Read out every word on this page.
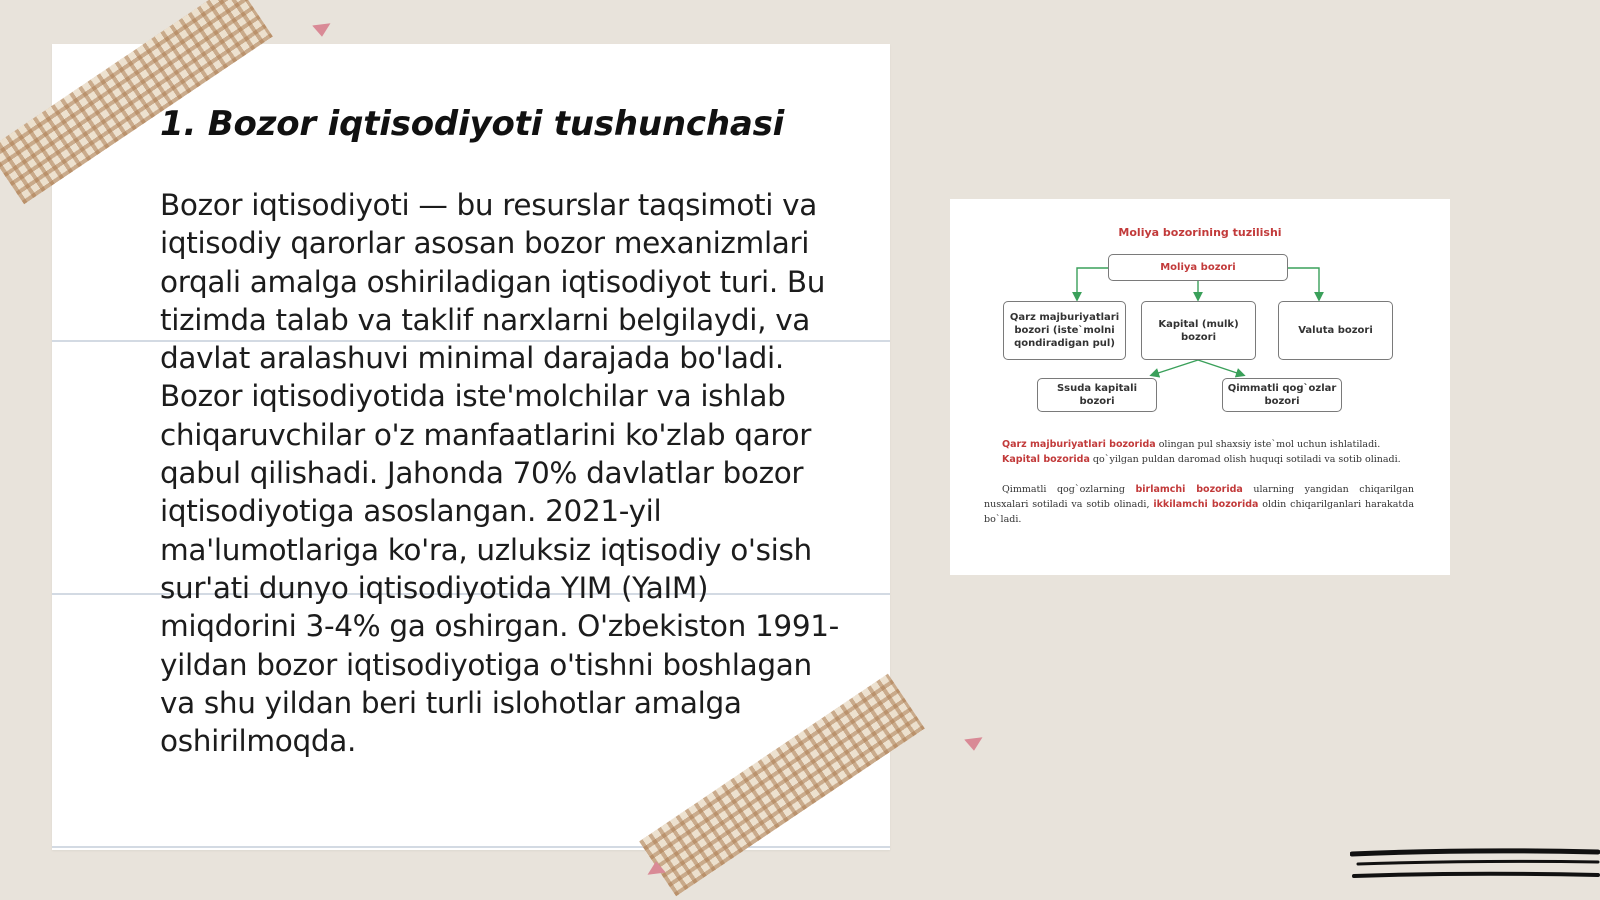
1. Bozor iqtisodiyoti tushunchasi

Bozor iqtisodiyoti — bu resurslar taqsimoti va iqtisodiy qarorlar asosan bozor mexanizmlari orqali amalga oshiriladigan iqtisodiyot turi. Bu tizimda talab va taklif narxlarni belgilaydi, va davlat aralashuvi minimal darajada bo'ladi. Bozor iqtisodiyotida iste'molchilar va ishlab chiqaruvchilar o'z manfaatlarini ko'zlab qaror qabul qilishadi. Jahonda 70% davlatlar bozor iqtisodiyotiga asoslangan. 2021-yil ma'lumotlariga ko'ra, uzluksiz iqtisodiy o'sish sur'ati dunyo iqtisodiyotida YIM (YaIM) miqdorini 3-4% ga oshirgan. O'zbekiston 1991-yildan bozor iqtisodiyotiga o'tishni boshlagan va shu yildan beri turli islohotlar amalga oshirilmoqda.

Moliya bozorining tuzilishi
Moliya bozori
Qarz majburiyatlari bozori (iste`molni qondiradigan pul)
Kapital (mulk) bozori
Valuta bozori
Ssuda kapitali bozori
Qimmatli qog`ozlar bozori
Qarz majburiyatlari bozorida olingan pul shaxsiy iste`mol uchun ishlatiladi.
Kapital bozorida qo`yilgan puldan daromad olish huquqi sotiladi va sotib olinadi.
Qimmatli qog`ozlarning birlamchi bozorida ularning yangidan chiqarilgan nusxalari sotiladi va sotib olinadi, ikkilamchi bozorida oldin chiqarilganlari harakatda bo`ladi.
